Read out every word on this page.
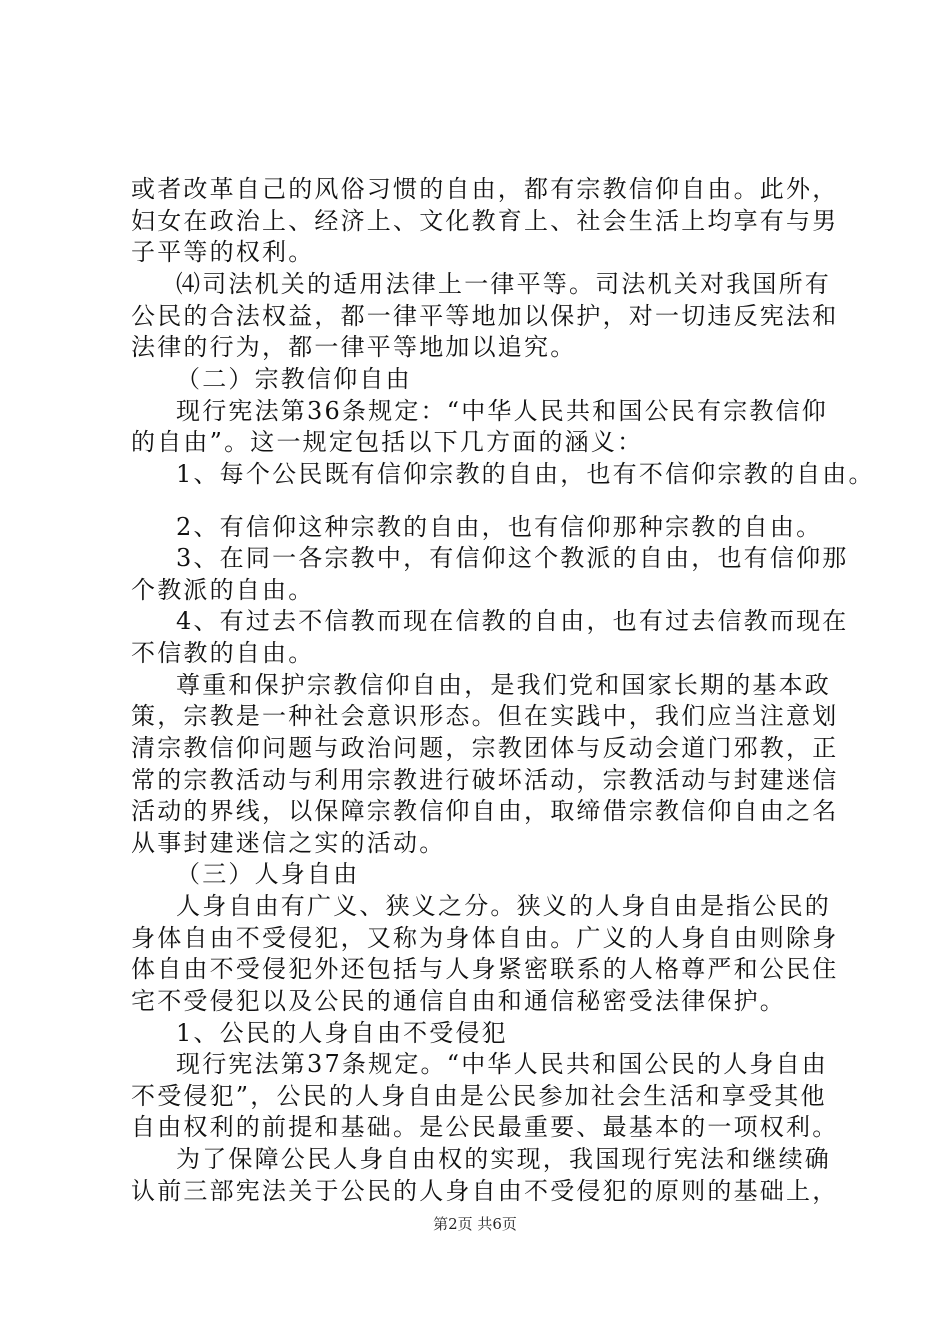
或者改革自己的风俗习惯的自由，都有宗教信仰自由。此外，
妇女在政治上、经济上、文化教育上、社会生活上均享有与男
子平等的权利。
⑷司法机关的适用法律上一律平等。司法机关对我国所有
公民的合法权益，都一律平等地加以保护，对一切违反宪法和
法律的行为，都一律平等地加以追究。
（二）宗教信仰自由
现行宪法第36条规定：“中华人民共和国公民有宗教信仰
的自由”。这一规定包括以下几方面的涵义：
1、每个公民既有信仰宗教的自由，也有不信仰宗教的自由。
2、有信仰这种宗教的自由，也有信仰那种宗教的自由。
3、在同一各宗教中，有信仰这个教派的自由，也有信仰那
个教派的自由。
4、有过去不信教而现在信教的自由，也有过去信教而现在
不信教的自由。
尊重和保护宗教信仰自由，是我们党和国家长期的基本政
策，宗教是一种社会意识形态。但在实践中，我们应当注意划
清宗教信仰问题与政治问题，宗教团体与反动会道门邪教，正
常的宗教活动与利用宗教进行破坏活动，宗教活动与封建迷信
活动的界线，以保障宗教信仰自由，取缔借宗教信仰自由之名
从事封建迷信之实的活动。
（三）人身自由
人身自由有广义、狭义之分。狭义的人身自由是指公民的
身体自由不受侵犯，又称为身体自由。广义的人身自由则除身
体自由不受侵犯外还包括与人身紧密联系的人格尊严和公民住
宅不受侵犯以及公民的通信自由和通信秘密受法律保护。
1、公民的人身自由不受侵犯
现行宪法第37条规定。“中华人民共和国公民的人身自由
不受侵犯”，公民的人身自由是公民参加社会生活和享受其他
自由权利的前提和基础。是公民最重要、最基本的一项权利。
为了保障公民人身自由权的实现，我国现行宪法和继续确
认前三部宪法关于公民的人身自由不受侵犯的原则的基础上，
第2页 共6页
